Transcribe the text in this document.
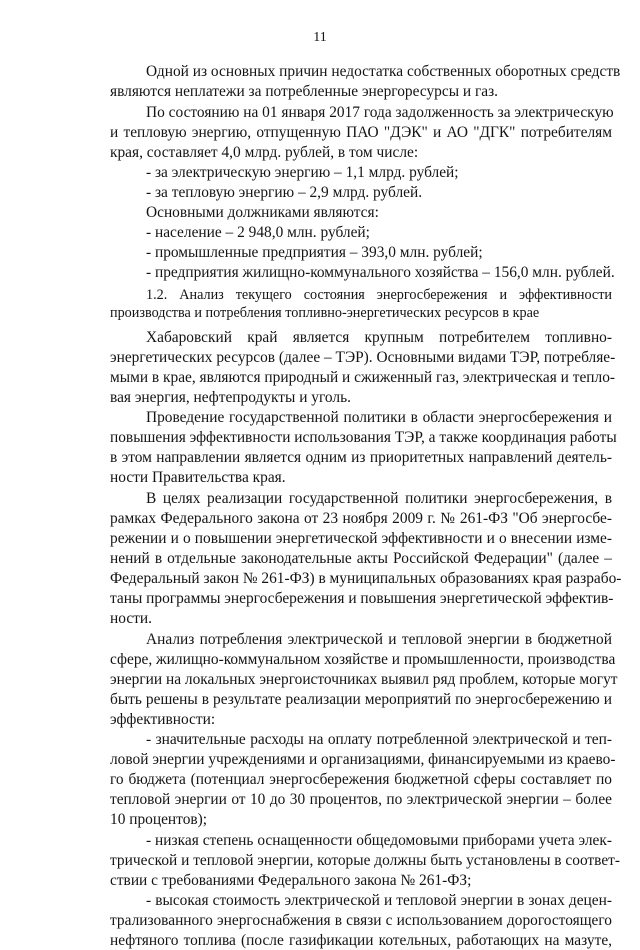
11
Одной из основных причин недостатка собственных оборотных средств
являются неплатежи за потребленные энергоресурсы и газ.
По состоянию на 01 января 2017 года задолженность за электрическую
и тепловую энергию, отпущенную ПАО "ДЭК" и АО "ДГК" потребителям
края, составляет 4,0 млрд. рублей, в том числе:
- за электрическую энергию – 1,1 млрд. рублей;
- за тепловую энергию – 2,9 млрд. рублей.
Основными должниками являются:
- население – 2 948,0 млн. рублей;
- промышленные предприятия – 393,0 млн. рублей;
- предприятия жилищно-коммунального хозяйства – 156,0 млн. рублей.
1.2. Анализ текущего состояния энергосбережения и эффективности
производства и потребления топливно-энергетических ресурсов в крае
Хабаровский край является крупным потребителем топливно-
энергетических ресурсов (далее – ТЭР). Основными видами ТЭР, потребляе-
мыми в крае, являются природный и сжиженный газ, электрическая и тепло-
вая энергия, нефтепродукты и уголь.
Проведение государственной политики в области энергосбережения и
повышения эффективности использования ТЭР, а также координация работы
в этом направлении является одним из приоритетных направлений деятель-
ности Правительства края.
В целях реализации государственной политики энергосбережения, в
рамках Федерального закона от 23 ноября 2009 г. № 261-ФЗ "Об энергосбе-
режении и о повышении энергетической эффективности и о внесении изме-
нений в отдельные законодательные акты Российской Федерации" (далее –
Федеральный закон № 261-ФЗ) в муниципальных образованиях края разрабо-
таны программы энергосбережения и повышения энергетической эффектив-
ности.
Анализ потребления электрической и тепловой энергии в бюджетной
сфере, жилищно-коммунальном хозяйстве и промышленности, производства
энергии на локальных энергоисточниках выявил ряд проблем, которые могут
быть решены в результате реализации мероприятий по энергосбережению и
эффективности:
- значительные расходы на оплату потребленной электрической и теп-
ловой энергии учреждениями и организациями, финансируемыми из краево-
го бюджета (потенциал энергосбережения бюджетной сферы составляет по
тепловой энергии от 10 до 30 процентов, по электрической энергии – более
10 процентов);
- низкая степень оснащенности общедомовыми приборами учета элек-
трической и тепловой энергии, которые должны быть установлены в соответ-
ствии с требованиями Федерального закона № 261-ФЗ;
- высокая стоимость электрической и тепловой энергии в зонах децен-
трализованного энергоснабжения в связи с использованием дорогостоящего
нефтяного топлива (после газификации котельных, работающих на мазуте,
